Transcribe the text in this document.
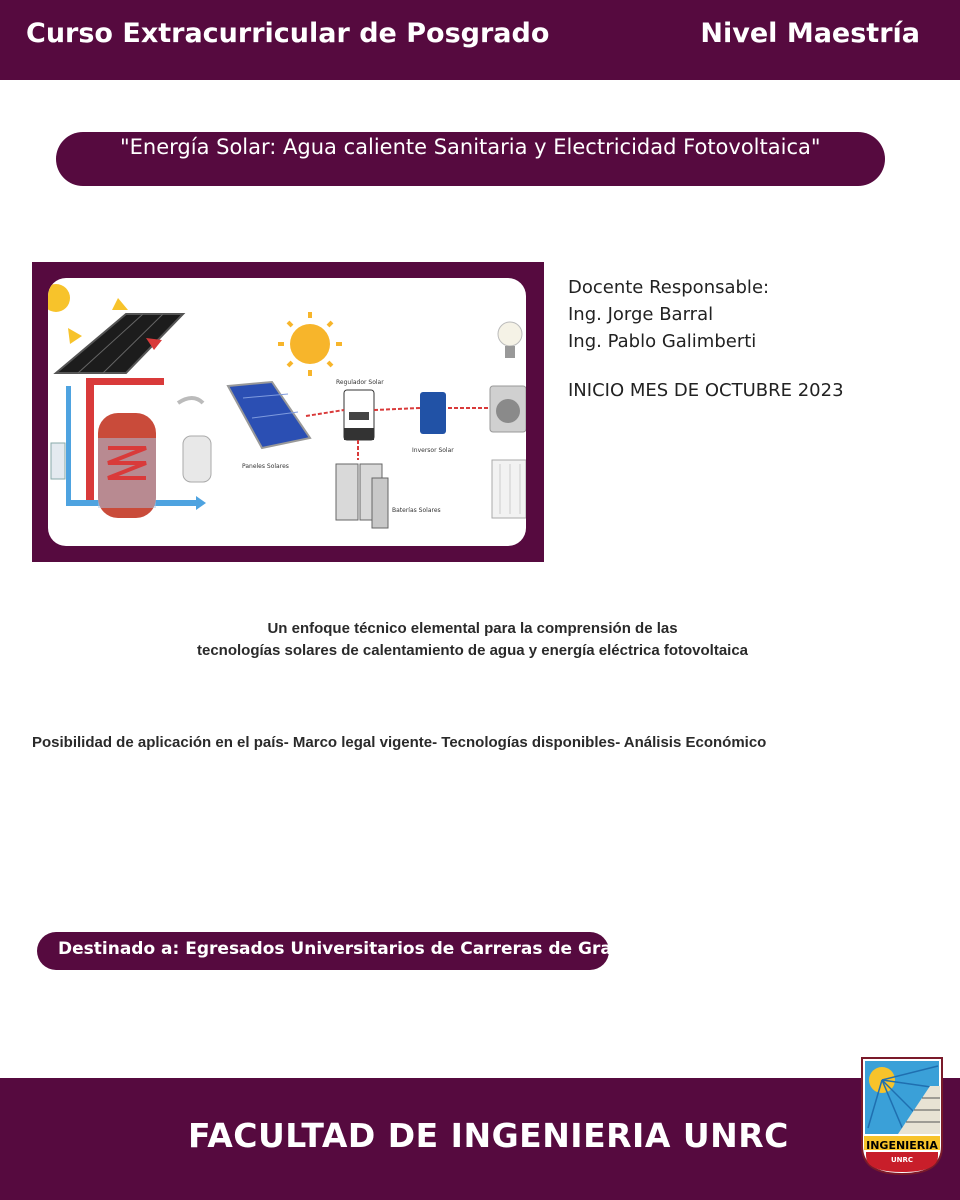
Curso Extracurricular de Posgrado	Nivel Maestría
"Energía Solar: Agua caliente Sanitaria y Electricidad Fotovoltaica"
Paneles Solares
Regulador Solar
Inversor Solar
Baterías Solares
Docente Responsable:
Ing. Jorge Barral
Ing. Pablo Galimberti
INICIO MES DE OCTUBRE 2023
Un enfoque técnico elemental para la comprensión de las
tecnologías solares de calentamiento de agua y energía eléctrica fotovoltaica
Posibilidad de aplicación en el país- Marco legal vigente- Tecnologías disponibles- Análisis Económico
Destinado a: Egresados Universitarios de Carreras de Grado
FACULTAD DE INGENIERIA UNRC	INGENIERIA
UNRC
